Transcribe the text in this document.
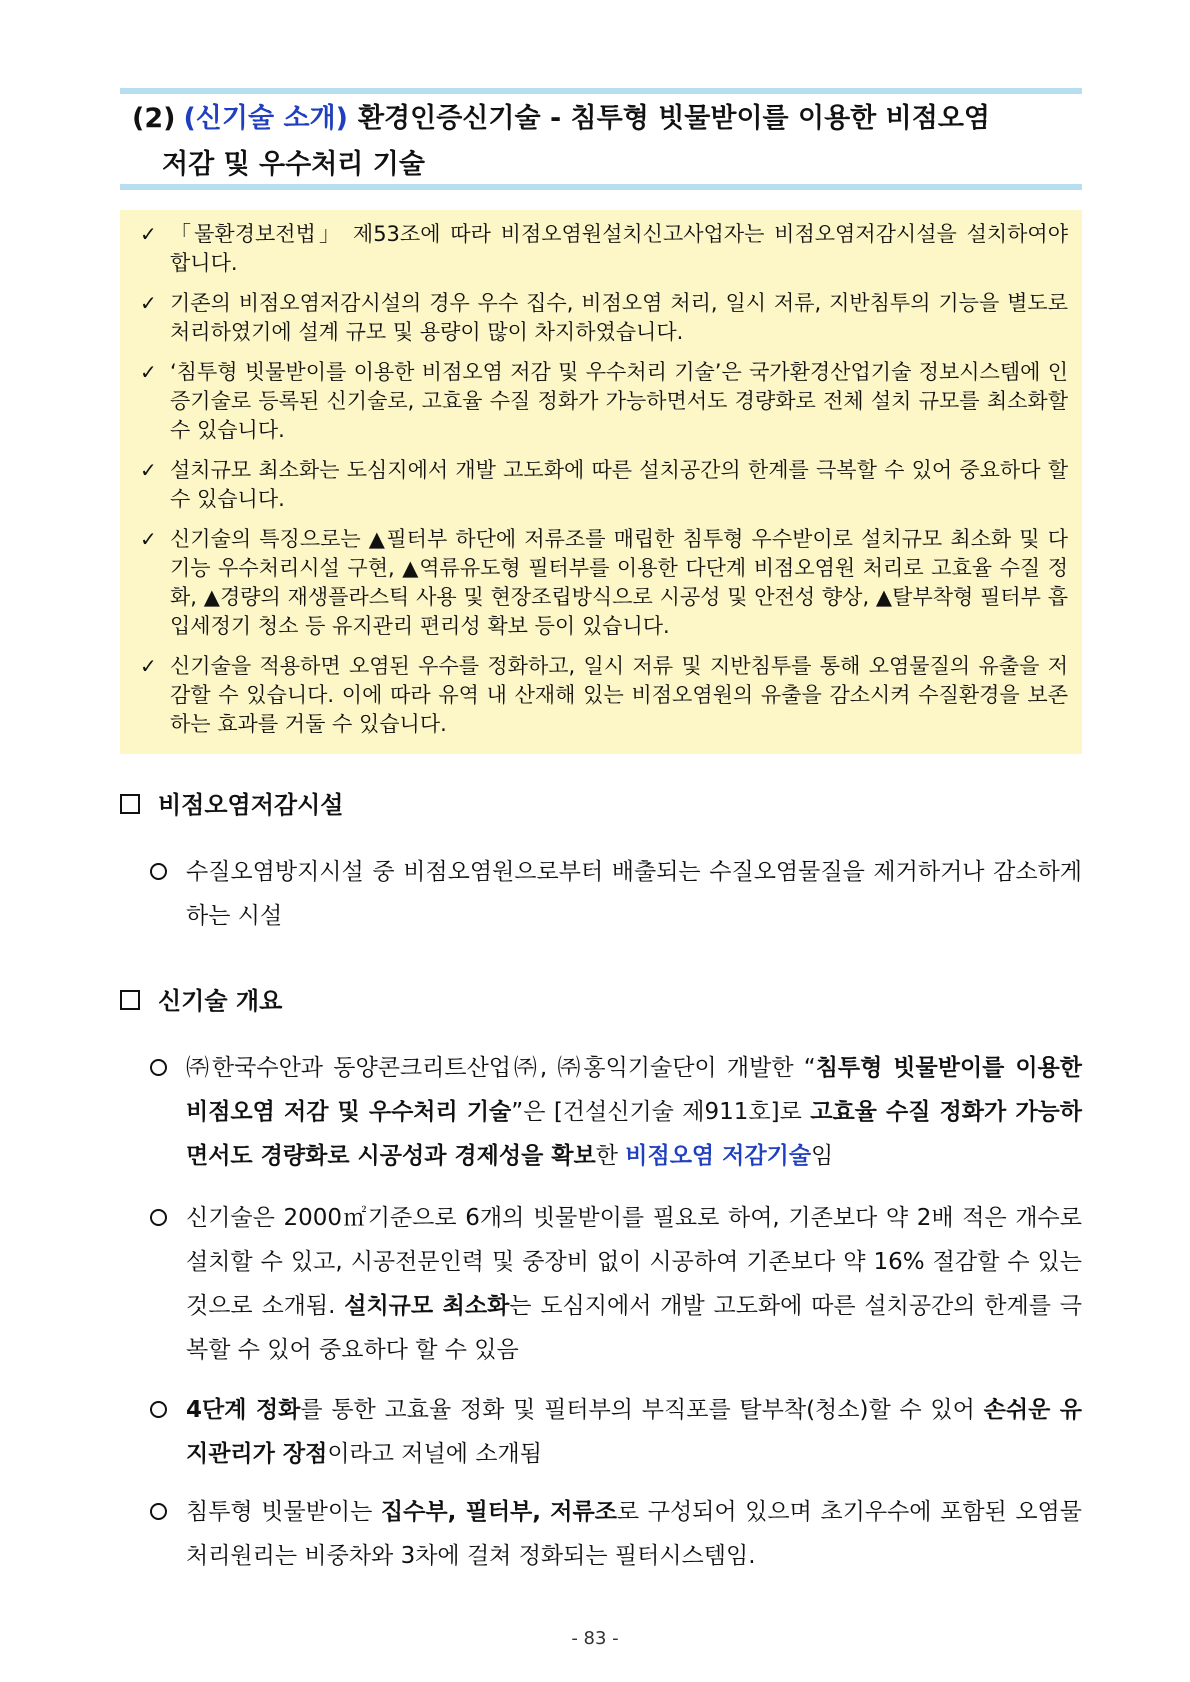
(2) (신기술 소개) 환경인증신기술 - 침투형 빗물받이를 이용한 비점오염
저감 및 우수처리 기술
✓ 「물환경보전법」 제53조에 따라 비점오염원설치신고사업자는 비점오염저감시설을 설치하여야 합니다.
✓ 기존의 비점오염저감시설의 경우 우수 집수, 비점오염 처리, 일시 저류, 지반침투의 기능을 별도로 처리하였기에 설계 규모 및 용량이 많이 차지하였습니다.
✓ ‘침투형 빗물받이를 이용한 비점오염 저감 및 우수처리 기술’은 국가환경산업기술 정보시스템에 인증기술로 등록된 신기술로, 고효율 수질 정화가 가능하면서도 경량화로 전체 설치 규모를 최소화할 수 있습니다.
✓ 설치규모 최소화는 도심지에서 개발 고도화에 따른 설치공간의 한계를 극복할 수 있어 중요하다 할 수 있습니다.
✓ 신기술의 특징으로는 ▲필터부 하단에 저류조를 매립한 침투형 우수받이로 설치규모 최소화 및 다기능 우수처리시설 구현, ▲역류유도형 필터부를 이용한 다단계 비점오염원 처리로 고효율 수질 정화, ▲경량의 재생플라스틱 사용 및 현장조립방식으로 시공성 및 안전성 향상, ▲탈부착형 필터부 흡입세정기 청소 등 유지관리 편리성 확보 등이 있습니다.
✓ 신기술을 적용하면 오염된 우수를 정화하고, 일시 저류 및 지반침투를 통해 오염물질의 유출을 저감할 수 있습니다. 이에 따라 유역 내 산재해 있는 비점오염원의 유출을 감소시켜 수질환경을 보존하는 효과를 거둘 수 있습니다.
비점오염저감시설
수질오염방지시설 중 비점오염원으로부터 배출되는 수질오염물질을 제거하거나 감소하게 하는 시설
신기술 개요
㈜한국수안과 동양콘크리트산업㈜, ㈜홍익기술단이 개발한 “침투형 빗물받이를 이용한 비점오염 저감 및 우수처리 기술”은 [건설신기술 제911호]로 고효율 수질 정화가 가능하면서도 경량화로 시공성과 경제성을 확보한 비점오염 저감기술임
신기술은 2000㎡기준으로 6개의 빗물받이를 필요로 하여, 기존보다 약 2배 적은 개수로 설치할 수 있고, 시공전문인력 및 중장비 없이 시공하여 기존보다 약 16% 절감할 수 있는 것으로 소개됨. 설치규모 최소화는 도심지에서 개발 고도화에 따른 설치공간의 한계를 극복할 수 있어 중요하다 할 수 있음
4단계 정화를 통한 고효율 정화 및 필터부의 부직포를 탈부착(청소)할 수 있어 손쉬운 유지관리가 장점이라고 저널에 소개됨
침투형 빗물받이는 집수부, 필터부, 저류조로 구성되어 있으며 초기우수에 포함된 오염물 처리원리는 비중차와 3차에 걸쳐 정화되는 필터시스템임.
- 83 -
